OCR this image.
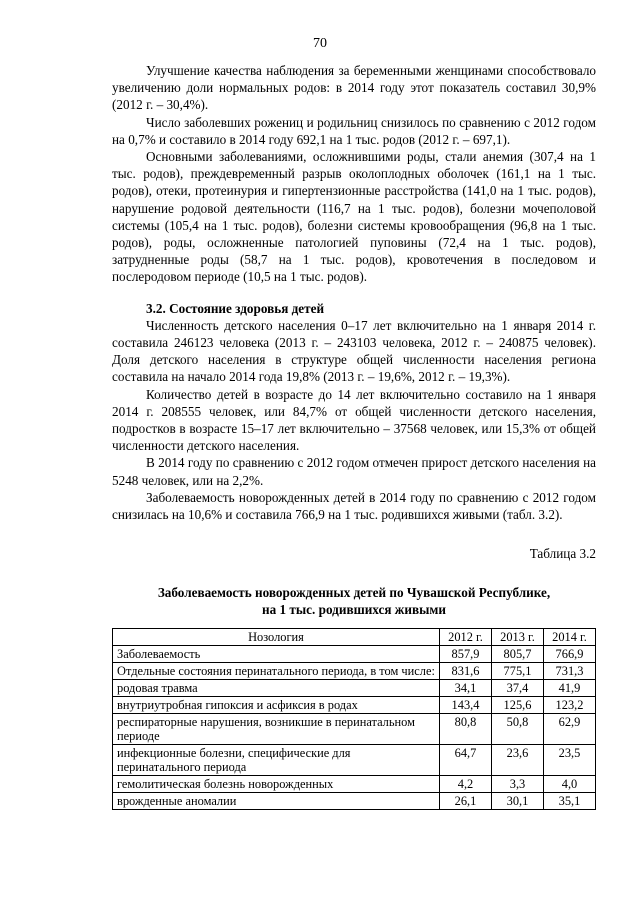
70

Улучшение качества наблюдения за беременными женщинами способствовало увеличению доли нормальных родов: в 2014 году этот показатель составил 30,9% (2012 г. – 30,4%).

Число заболевших рожениц и родильниц снизилось по сравнению с 2012 годом на 0,7% и составило в 2014 году 692,1 на 1 тыс. родов (2012 г. – 697,1).

Основными заболеваниями, осложнившими роды, стали анемия (307,4 на 1 тыс. родов), преждевременный разрыв околоплодных оболочек (161,1 на 1 тыс. родов), отеки, протеинурия и гипертензионные расстройства (141,0 на 1 тыс. родов), нарушение родовой деятельности (116,7 на 1 тыс. родов), болезни мочеполовой системы (105,4 на 1 тыс. родов), болезни системы кровообращения (96,8 на 1 тыс. родов), роды, осложненные патологией пуповины (72,4 на 1 тыс. родов), затрудненные роды (58,7 на 1 тыс. родов), кровотечения в последовом и послеродовом периоде (10,5 на 1 тыс. родов).

3.2. Состояние здоровья детей

Численность детского населения 0–17 лет включительно на 1 января 2014 г. составила 246123 человека (2013 г. – 243103 человека, 2012 г. – 240875 человек). Доля детского населения в структуре общей численности населения региона составила на начало 2014 года 19,8% (2013 г. – 19,6%, 2012 г. – 19,3%).

Количество детей в возрасте до 14 лет включительно составило на 1 января 2014 г. 208555 человек, или 84,7% от общей численности детского населения, подростков в возрасте 15–17 лет включительно – 37568 человек, или 15,3% от общей численности детского населения.

В 2014 году по сравнению с 2012 годом отмечен прирост детского населения на 5248 человек, или на 2,2%.

Заболеваемость новорожденных детей в 2014 году по сравнению с 2012 годом снизилась на 10,6% и составила 766,9 на 1 тыс. родившихся живыми (табл. 3.2).

Таблица 3.2

Заболеваемость новорожденных детей по Чувашской Республике,
на 1 тыс. родившихся живыми
Нозология	2012 г.	2013 г.	2014 г.
Заболеваемость	857,9	805,7	766,9
Отдельные состояния перинатального периода, в том числе:	831,6	775,1	731,3
родовая травма	34,1	37,4	41,9
внутриутробная гипоксия и асфиксия в родах	143,4	125,6	123,2
респираторные нарушения, возникшие в перинатальном периоде	80,8	50,8	62,9
инфекционные болезни, специфические для перинатального периода	64,7	23,6	23,5
гемолитическая болезнь новорожденных	4,2	3,3	4,0
врожденные аномалии	26,1	30,1	35,1
